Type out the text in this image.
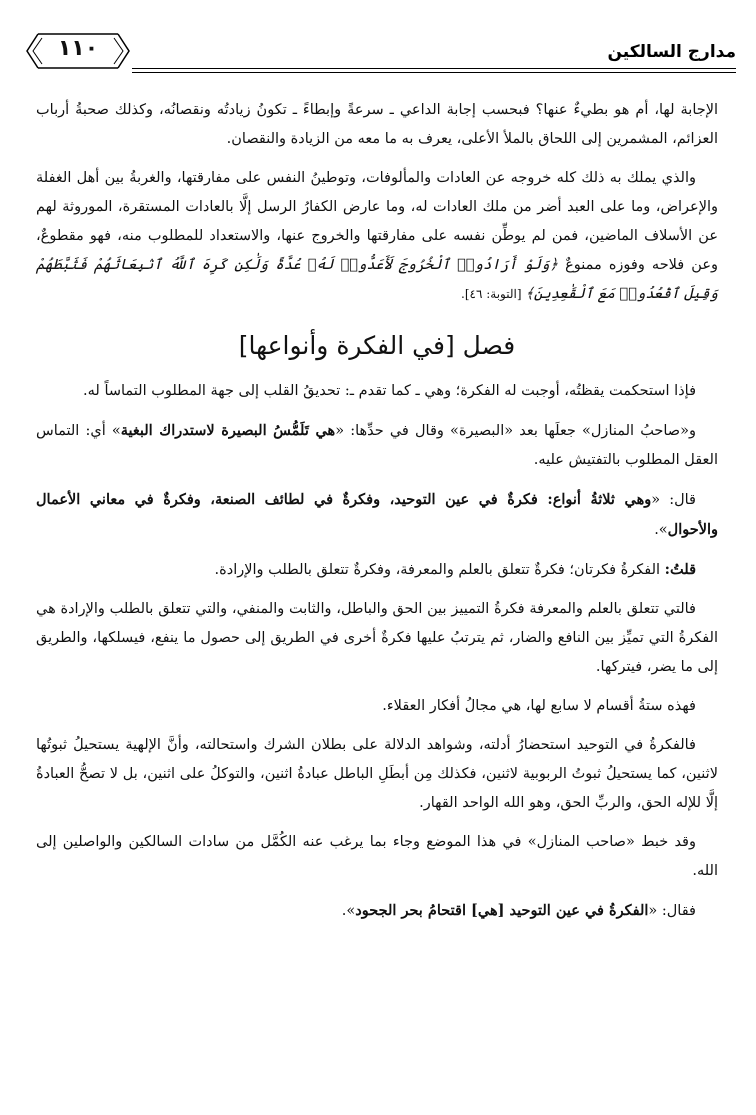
١١٠	مدارج السالكين

الإجابة لها، أم هو بطيءٌ عنها؟ فبحسب إجابة الداعي ـ سرعةً وإبطاءً ـ تكونُ زيادتُه ونقصانُه، وكذلك صحبةُ أرباب العزائم، المشمرين إلى اللحاق بالملأ الأعلى، يعرف به ما معه من الزيادة والنقصان.

والذي يملك به ذلك كله خروجه عن العادات والمألوفات، وتوطينُ النفس على مفارقتها، والغربةُ بين أهل الغفلة والإعراض، وما على العبد أضر من ملك العادات له، وما عارض الكفارُ الرسل إلَّا بالعادات المستقرة، الموروثة لهم عن الأسلاف الماضين، فمن لم يوطِّن نفسه على مفارقتها والخروج عنها، والاستعداد للمطلوب منه، فهو مقطوعٌ، وعن فلاحه وفوزه ممنوعٌ ﴿وَلَوْ أَرَادُوا۟ ٱلْخُرُوجَ لَأَعَدُّوا۟ لَهُۥ عُدَّةً وَلَٰكِن كَرِهَ ٱللَّهُ ٱنۢبِعَاثَهُمْ فَثَبَّطَهُمْ وَقِيلَ ٱقْعُدُوا۟ مَعَ ٱلْقَٰعِدِينَ﴾ [التوبة: ٤٦].

فصل [في الفكرة وأنواعها]

فإذا استحكمت يقظتُه، أوجبت له الفكرة؛ وهي ـ كما تقدم ـ: تحديقُ القلب إلى جهة المطلوب التماساً له.

و«صاحبُ المنازل» جعلَها بعد «البصيرة» وقال في حدِّها: «هي تَلَمُّسُ البصيرة لاستدراك البغية» أي: التماس العقل المطلوب بالتفتيش عليه.

قال: «وهي ثلاثةُ أنواع: فكرةٌ في عين التوحيد، وفكرةٌ في لطائف الصنعة، وفكرةٌ في معاني الأعمال والأحوال».

قلتُ: الفكرةُ فكرتان؛ فكرةٌ تتعلق بالعلم والمعرفة، وفكرةٌ تتعلق بالطلب والإرادة.

فالتي تتعلق بالعلم والمعرفة فكرةُ التمييز بين الحق والباطل، والثابت والمنفي، والتي تتعلق بالطلب والإرادة هي الفكرةُ التي تميِّز بين النافع والضار، ثم يترتبُ عليها فكرةٌ أخرى في الطريق إلى حصول ما ينفع، فيسلكها، والطريق إلى ما يضر، فيتركها.

فهذه ستةُ أقسام لا سابع لها، هي مجالُ أفكار العقلاء.

فالفكرةُ في التوحيد استحضارُ أدلته، وشواهد الدلالة على بطلان الشرك واستحالته، وأنَّ الإلهية يستحيلُ ثبوتُها لاثنين، كما يستحيلُ ثبوتُ الربوبية لاثنين، فكذلك مِن أبطَلِ الباطل عبادةُ اثنين، والتوكلُ على اثنين، بل لا تصحُّ العبادةُ إلَّا للإله الحق، والربِّ الحق، وهو الله الواحد القهار.

وقد خبط «صاحب المنازل» في هذا الموضع وجاء بما يرغب عنه الكُمَّل من سادات السالكين والواصلين إلى الله.

فقال: «الفكرةُ في عين التوحيد [هي] اقتحامُ بحر الجحود».
